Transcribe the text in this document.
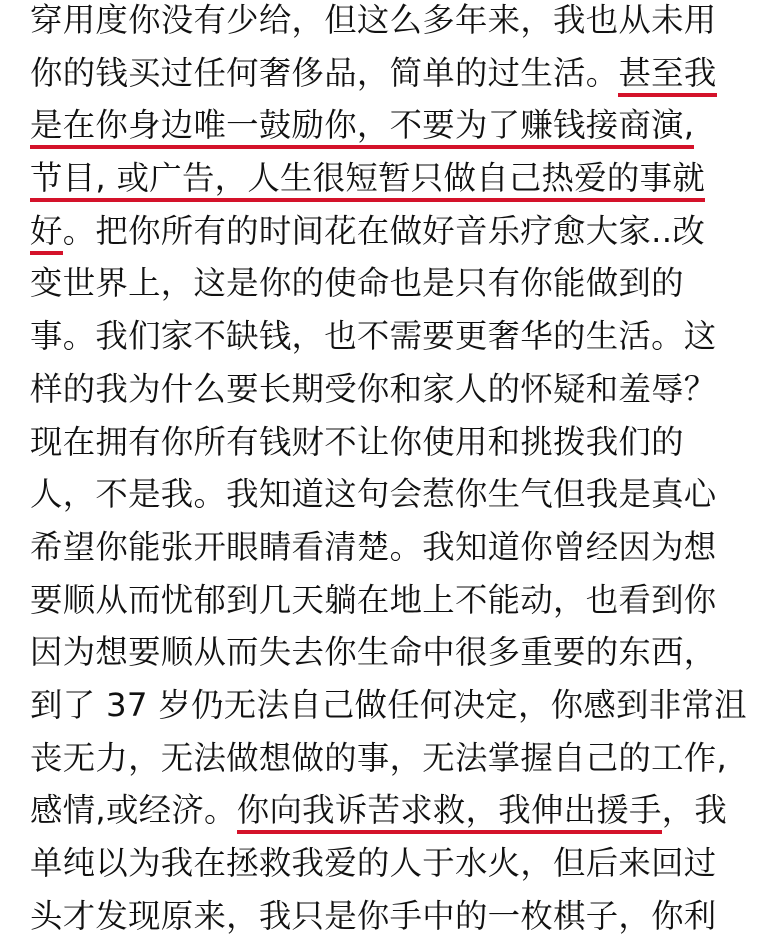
穿用度你没有少给，但这么多年来，我也从未用
你的钱买过任何奢侈品，简单的过生活。甚至我
是在你身边唯一鼓励你，不要为了赚钱接商演,
节目, 或广告，人生很短暂只做自己热爱的事就
好。把你所有的时间花在做好音乐疗愈大家..改
变世界上，这是你的使命也是只有你能做到的
事。我们家不缺钱，也不需要更奢华的生活。这
样的我为什么要长期受你和家人的怀疑和羞辱？
现在拥有你所有钱财不让你使用和挑拨我们的
人，不是我。我知道这句会惹你生气但我是真心
希望你能张开眼睛看清楚。我知道你曾经因为想
要顺从而忧郁到几天躺在地上不能动，也看到你
因为想要顺从而失去你生命中很多重要的东西，
到了 37 岁仍无法自己做任何决定，你感到非常沮
丧无力，无法做想做的事，无法掌握自己的工作,
感情,或经济。你向我诉苦求救，我伸出援手，我
单纯以为我在拯救我爱的人于水火，但后来回过
头才发现原来，我只是你手中的一枚棋子，你利
